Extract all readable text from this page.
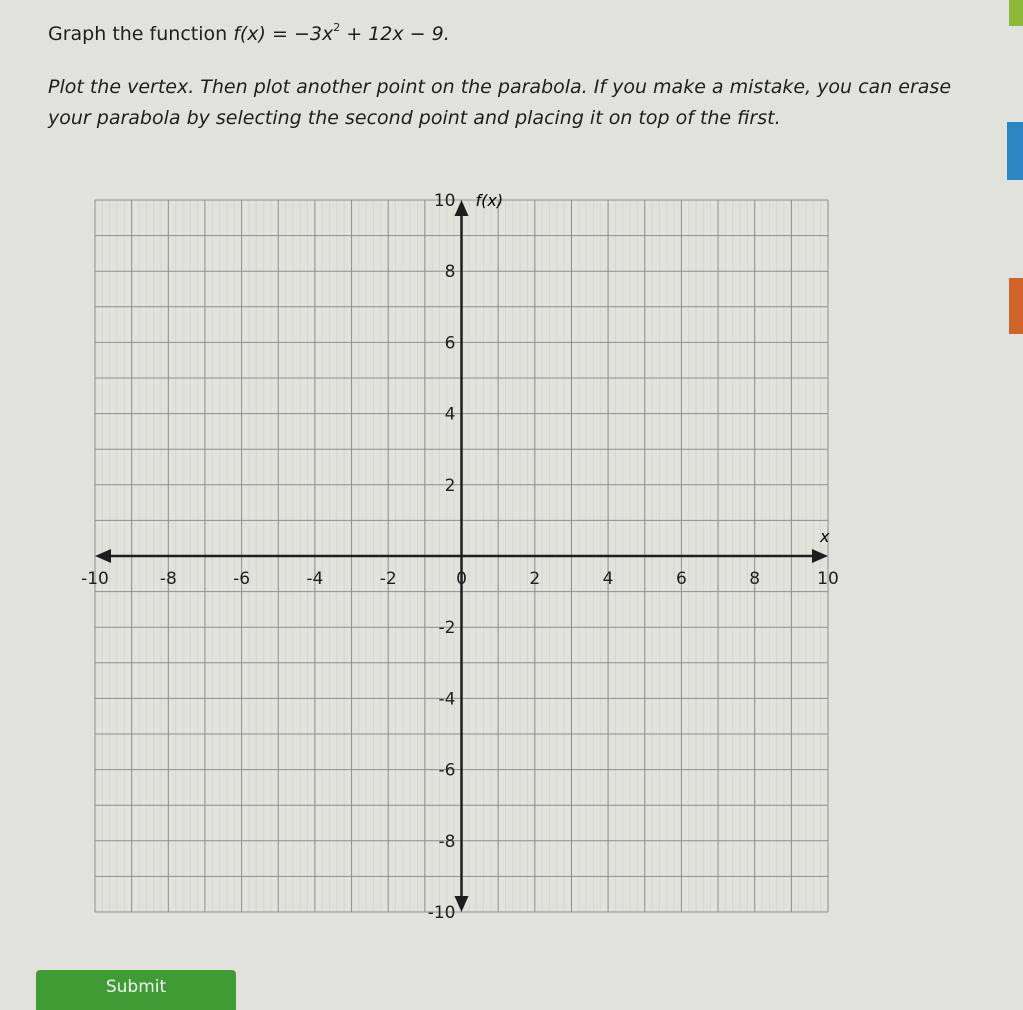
Graph the function $f(x) = -3x^2 + 12x - 9$.

Plot the vertex. Then plot another point on the parabola. If you make a mistake, you can erase your parabola by selecting the second point and placing it on top of the first.

-10	-8	-6	-4	-2	0	2	4	6	8	10
10
8
6
4
2
-2
-4
-6
-8
-10
x
f(x)
Submit
